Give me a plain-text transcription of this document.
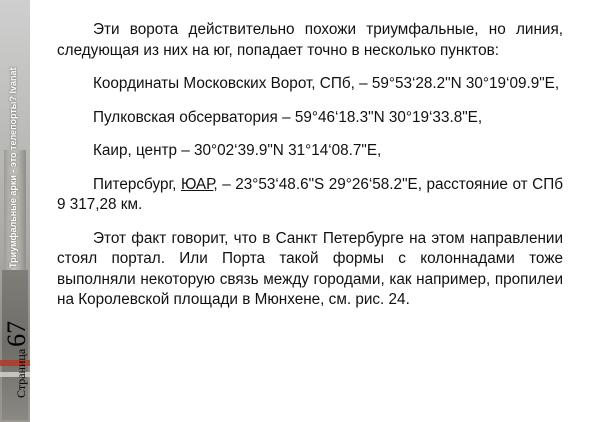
Триумфальные арки - это телепорты? Ivanat
Страница67

Эти ворота действительно похожи триумфальные, но линия, следующая из них на юг, попадает точно в несколько пунктов:

Координаты Московских Ворот, СПб, – 59°53‘28.2"N 30°19‘09.9"E,

Пулковская обсерватория – 59°46‘18.3"N 30°19‘33.8"E,

Каир, центр – 30°02‘39.9"N 31°14‘08.7"E,

Питерсбург, ЮАР, – 23°53‘48.6"S 29°26‘58.2"E, расстояние от СПб 9 317,28 км.

Этот факт говорит, что в Санкт Петербурге на этом направлении стоял портал. Или Порта такой формы с колоннадами тоже выполняли некоторую связь между городами, как например, пропилеи на Королевской площади в Мюнхене, см. рис. 24.
